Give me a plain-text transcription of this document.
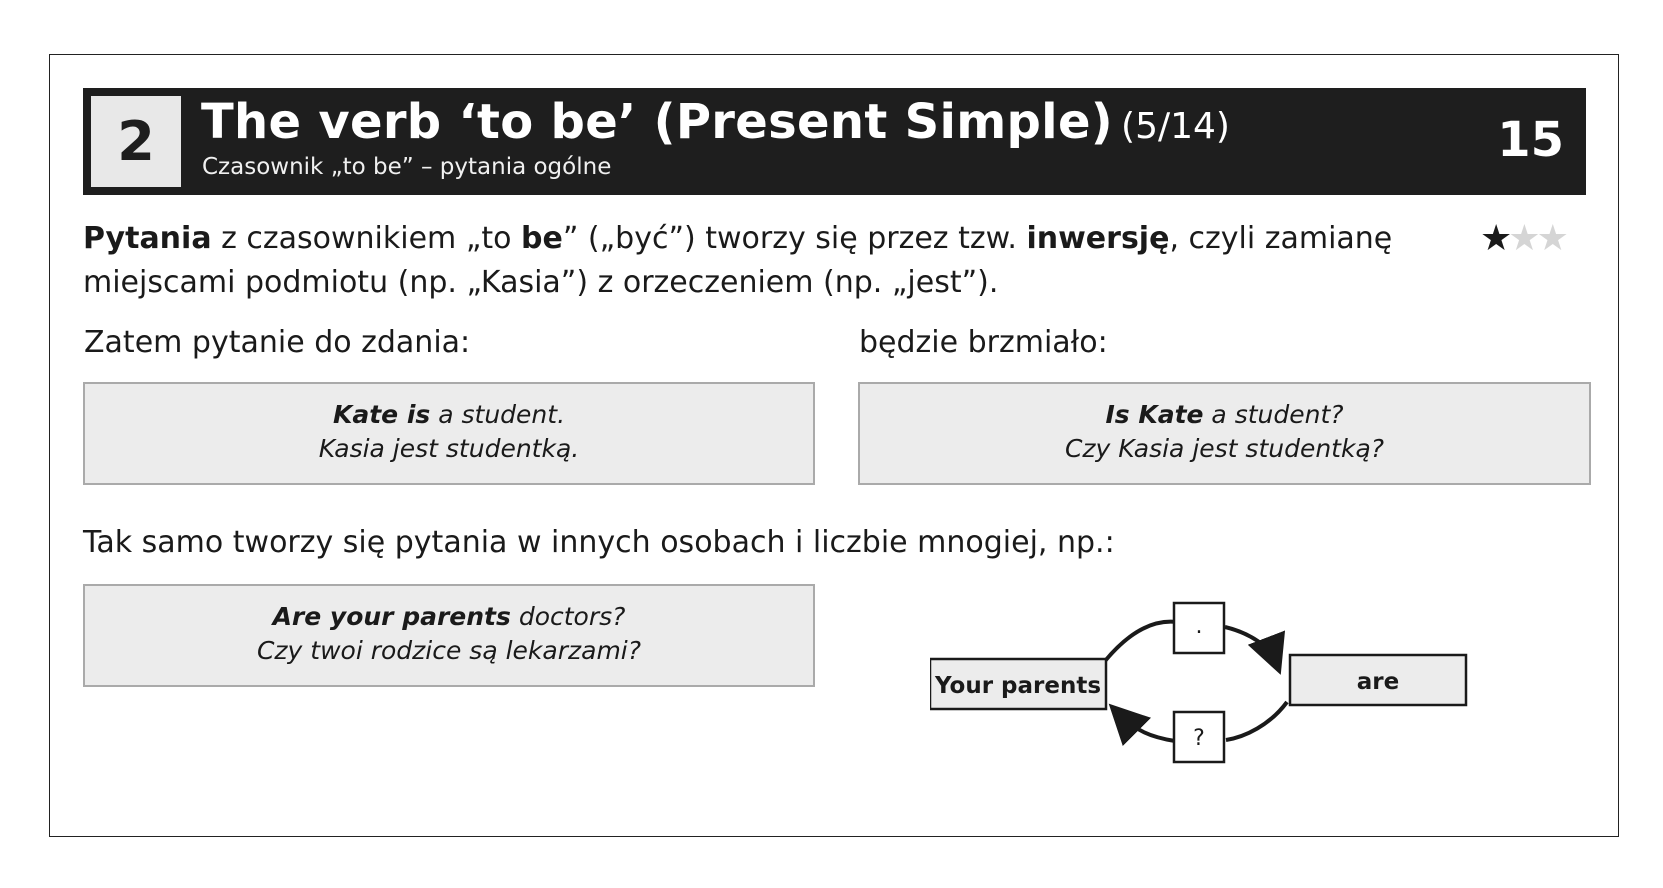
2 The verb ‘to be’ (Present Simple) (5/14)
Czasownik „to be” – pytania ogólne	15
Pytania z czasownikiem „to be” („być”) tworzy się przez tzw. inwersję, czyli zamianę miejscami podmiotu (np. „Kasia”) z orzeczeniem (np. „jest”).
★★★
Zatem pytanie do zdania:	będzie brzmiało:
Kate is a student.
Kasia jest studentką.
Is Kate a student?
Czy Kasia jest studentką?
Tak samo tworzy się pytania w innych osobach i liczbie mnogiej, np.:
Are your parents doctors?
Czy twoi rodzice są lekarzami?
Your parents	are
.
?
